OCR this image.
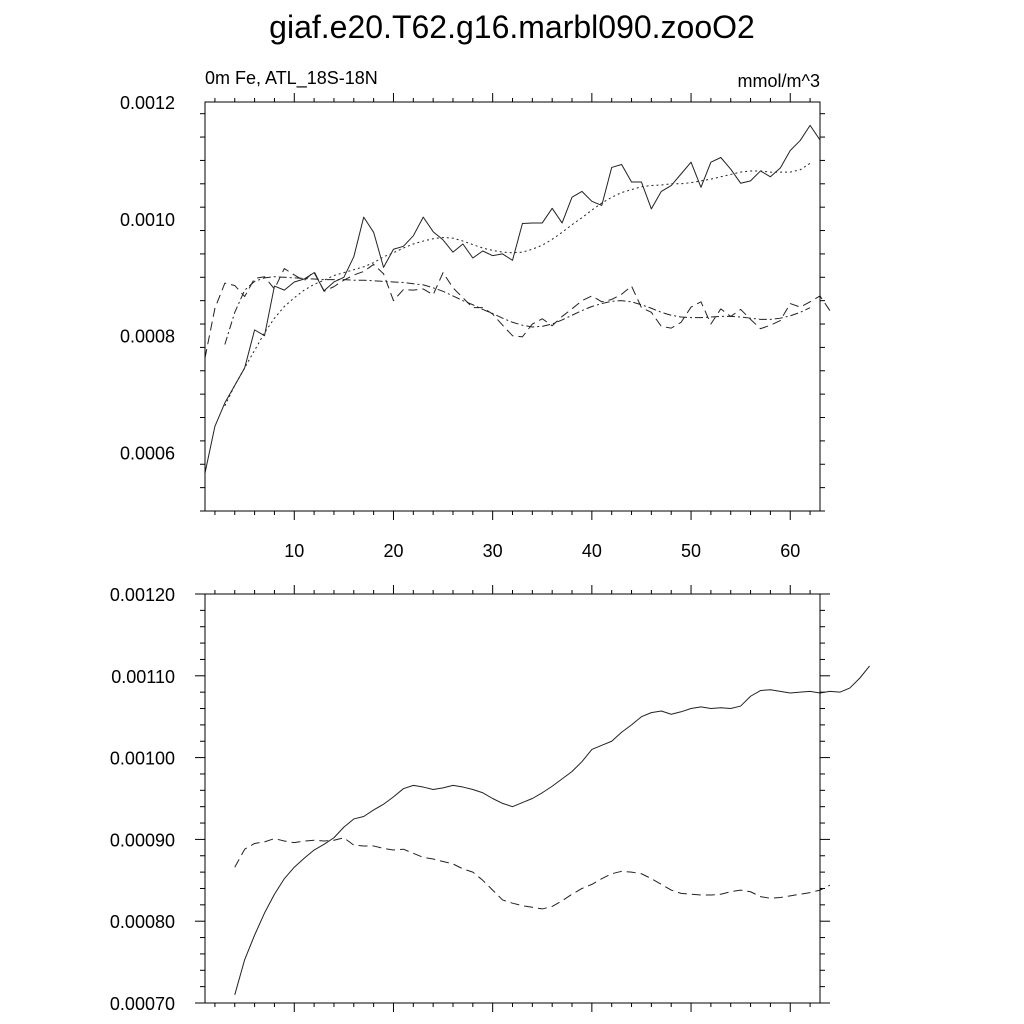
giaf.e20.T62.g16.marbl090.zooO2
0m Fe, ATL_18S-18N	mmol/m^3
10	20	30	40	50	60
0.0006
0.0008
0.0010
0.0012
0.00070
0.00080
0.00090
0.00100
0.00110
0.00120
